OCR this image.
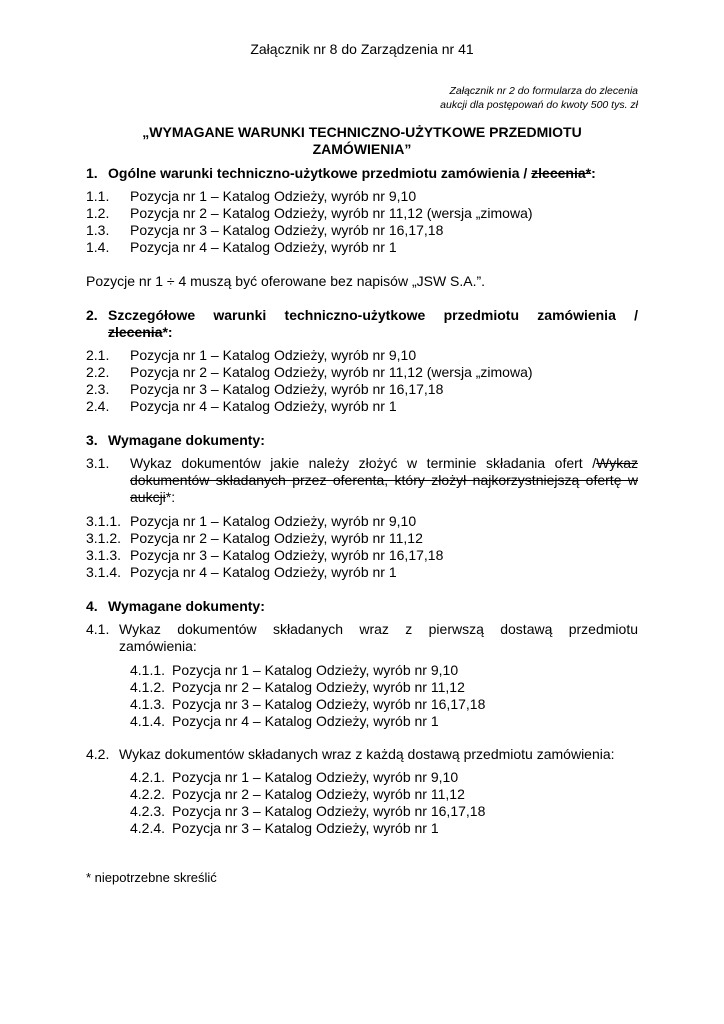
Załącznik nr 8 do Zarządzenia nr 41
Załącznik nr 2 do formularza do zlecenia
aukcji dla postępowań do kwoty 500 tys. zł
„WYMAGANE WARUNKI TECHNICZNO-UŻYTKOWE PRZEDMIOTU
ZAMÓWIENIA”
1. Ogólne warunki techniczno-użytkowe przedmiotu zamówienia / zlecenia*:
1.1. Pozycja nr 1 – Katalog Odzieży, wyrób nr 9,10
1.2. Pozycja nr 2 – Katalog Odzieży, wyrób nr 11,12 (wersja „zimowa)
1.3. Pozycja nr 3 – Katalog Odzieży, wyrób nr 16,17,18
1.4. Pozycja nr 4 – Katalog Odzieży, wyrób nr 1
Pozycje nr 1 ÷ 4 muszą być oferowane bez napisów „JSW S.A.”.
2. Szczegółowe warunki techniczno-użytkowe przedmiotu zamówienia /
zlecenia*:
2.1. Pozycja nr 1 – Katalog Odzieży, wyrób nr 9,10
2.2. Pozycja nr 2 – Katalog Odzieży, wyrób nr 11,12 (wersja „zimowa)
2.3. Pozycja nr 3 – Katalog Odzieży, wyrób nr 16,17,18
2.4. Pozycja nr 4 – Katalog Odzieży, wyrób nr 1
3. Wymagane dokumenty:
3.1. Wykaz dokumentów jakie należy złożyć w terminie składania ofert /Wykaz
dokumentów składanych przez oferenta, który złożył najkorzystniejszą ofertę w
aukcji*:
3.1.1. Pozycja nr 1 – Katalog Odzieży, wyrób nr 9,10
3.1.2. Pozycja nr 2 – Katalog Odzieży, wyrób nr 11,12
3.1.3. Pozycja nr 3 – Katalog Odzieży, wyrób nr 16,17,18
3.1.4. Pozycja nr 4 – Katalog Odzieży, wyrób nr 1
4. Wymagane dokumenty:
4.1. Wykaz dokumentów składanych wraz z pierwszą dostawą przedmiotu
zamówienia:
4.1.1. Pozycja nr 1 – Katalog Odzieży, wyrób nr 9,10
4.1.2. Pozycja nr 2 – Katalog Odzieży, wyrób nr 11,12
4.1.3. Pozycja nr 3 – Katalog Odzieży, wyrób nr 16,17,18
4.1.4. Pozycja nr 4 – Katalog Odzieży, wyrób nr 1
4.2. Wykaz dokumentów składanych wraz z każdą dostawą przedmiotu zamówienia:
4.2.1. Pozycja nr 1 – Katalog Odzieży, wyrób nr 9,10
4.2.2. Pozycja nr 2 – Katalog Odzieży, wyrób nr 11,12
4.2.3. Pozycja nr 3 – Katalog Odzieży, wyrób nr 16,17,18
4.2.4. Pozycja nr 3 – Katalog Odzieży, wyrób nr 1
* niepotrzebne skreślić
